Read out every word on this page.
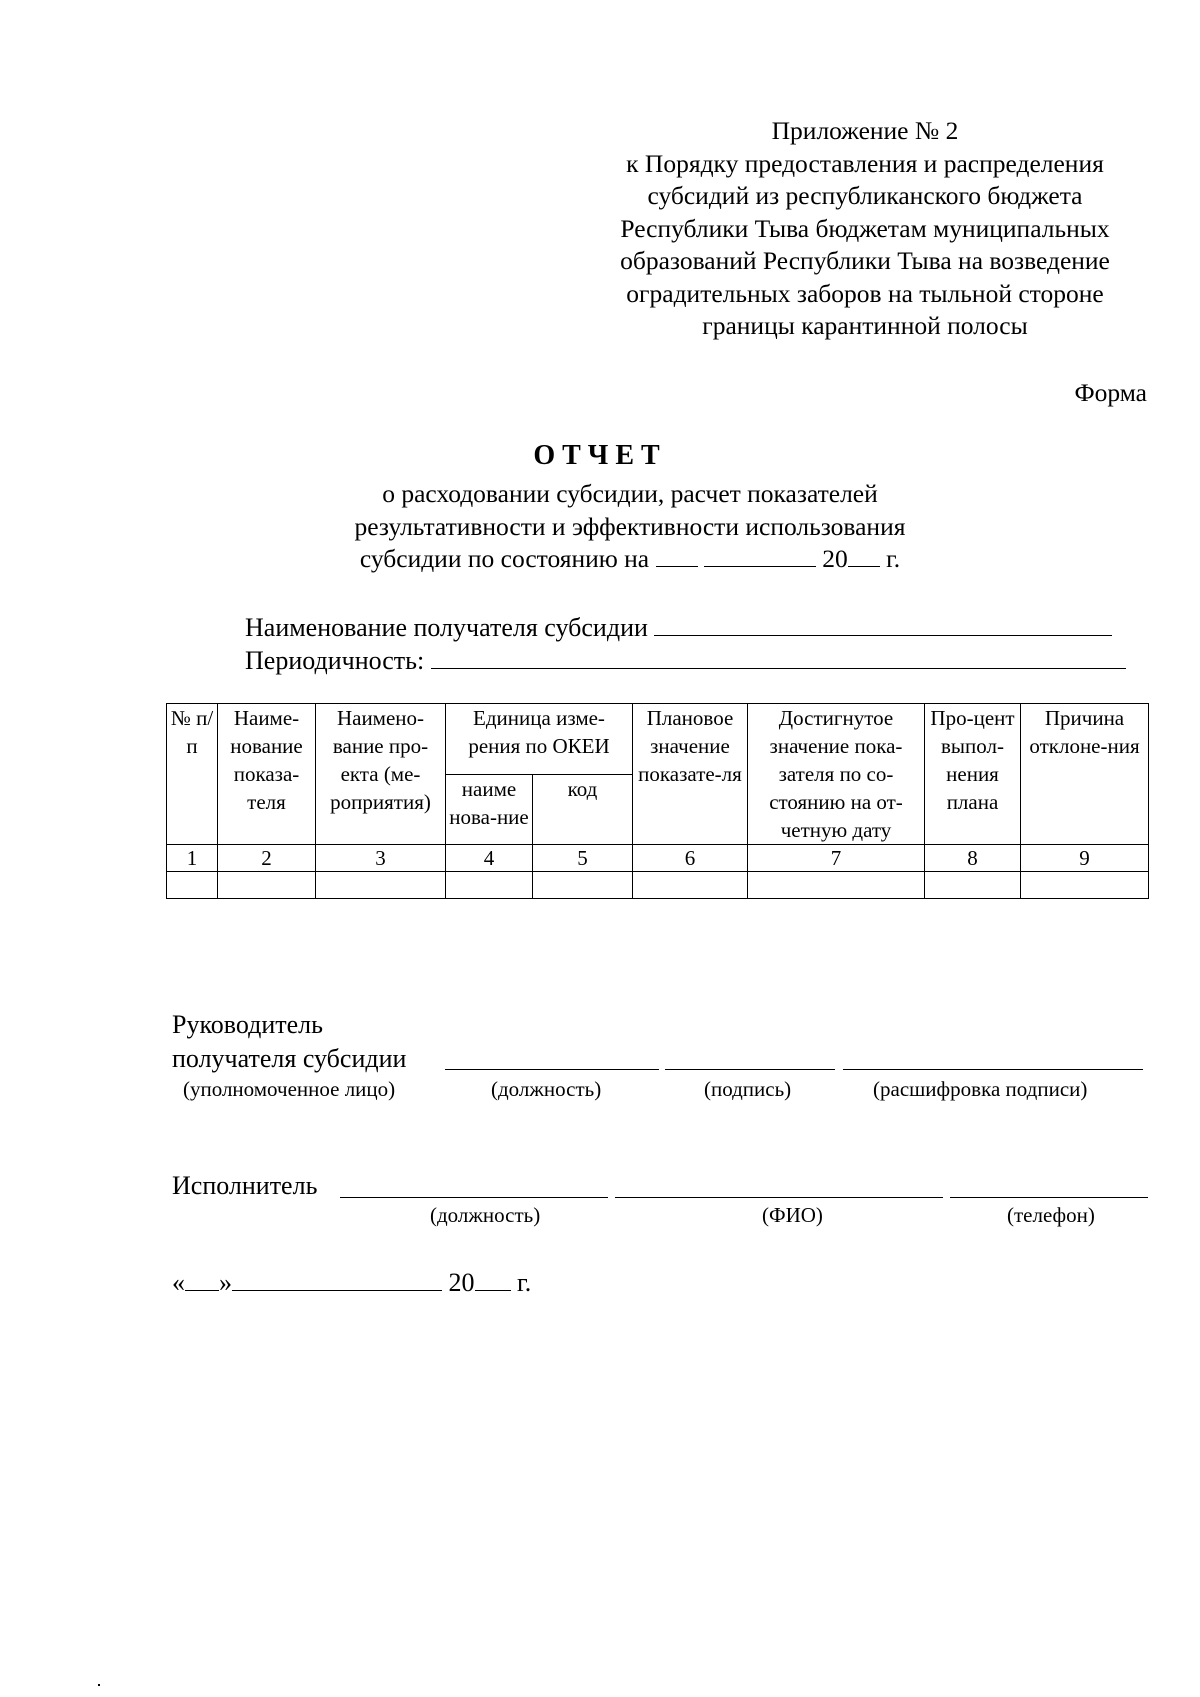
Приложение № 2
к Порядку предоставления и распределения
субсидий из республиканского бюджета
Республики Тыва бюджетам муниципальных
образований Республики Тыва на возведение
оградительных заборов на тыльной стороне
границы карантинной полосы
Форма
ОТЧЕТ
о расходовании субсидии, расчет показателей
результативности и эффективности использования
субсидии по состоянию на	20 г.
Наименование получателя субсидии
Периодичность:
№ п/п	Наиме-нование показа-теля	Наимено-вание про-екта (ме-роприятия)	Единица изме-рения по ОКЕИ		Плановое значение показате-ля	Достигнутое значение пока-зателя по со-стоянию на от-четную дату	Про-цент выпол-нения плана	Причина отклоне-ния
			наиме нова-ние	код				
1	2	3	4	5	6	7	8	9

Руководитель
получателя субсидии
(уполномоченное лицо)	(должность)	(подпись)	(расшифровка подписи)
Исполнитель
(должность)	(ФИО)	(телефон)
« »	20 г.
